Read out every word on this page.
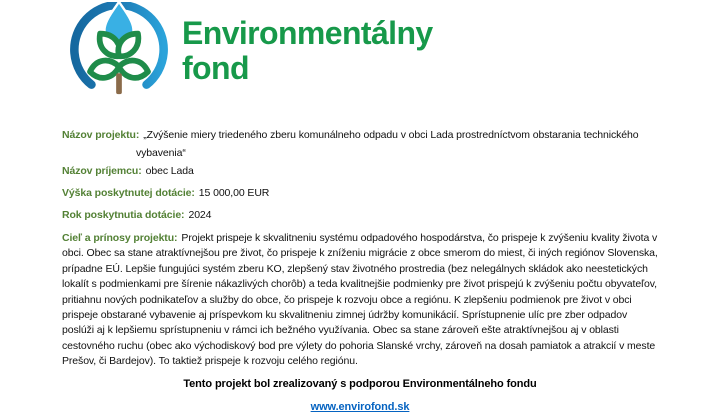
Environmentálny
fond
Názov projektu: „Zvýšenie miery triedeného zberu komunálneho odpadu v obci Lada prostredníctvom obstarania technického vybavenia“
Názov príjemcu: obec Lada
Výška poskytnutej dotácie: 15 000,00 EUR
Rok poskytnutia dotácie: 2024

Cieľ a prínosy projektu: Projekt prispeje k skvalitneniu systému odpadového hospodárstva, čo prispeje k zvýšeniu kvality života v obci. Obec sa stane atraktívnejšou pre život, čo prispeje k zníženiu migrácie z obce smerom do miest, či iných regiónov Slovenska, prípadne EÚ. Lepšie fungujúci systém zberu KO, zlepšený stav životného prostredia (bez nelegálnych skládok ako neestetických lokalít s podmienkami pre šírenie nákazlivých chorôb) a teda kvalitnejšie podmienky pre život prispejú k zvýšeniu počtu obyvateľov, pritiahnu nových podnikateľov a služby do obce, čo prispeje k rozvoju obce a regiónu. K zlepšeniu podmienok pre život v obci prispeje obstarané vybavenie aj príspevkom ku skvalitneniu zimnej údržby komunikácií. Sprístupnenie ulíc pre zber odpadov poslúži aj k lepšiemu sprístupneniu v rámci ich bežného využívania. Obec sa stane zároveň ešte atraktívnejšou aj v oblasti cestovného ruchu (obec ako východiskový bod pre výlety do pohoria Slanské vrchy, zároveň na dosah pamiatok a atrakcií v meste Prešov, či Bardejov). To taktiež prispeje k rozvoju celého regiónu.

Tento projekt bol zrealizovaný s podporou Environmentálneho fondu

www.envirofond.sk
